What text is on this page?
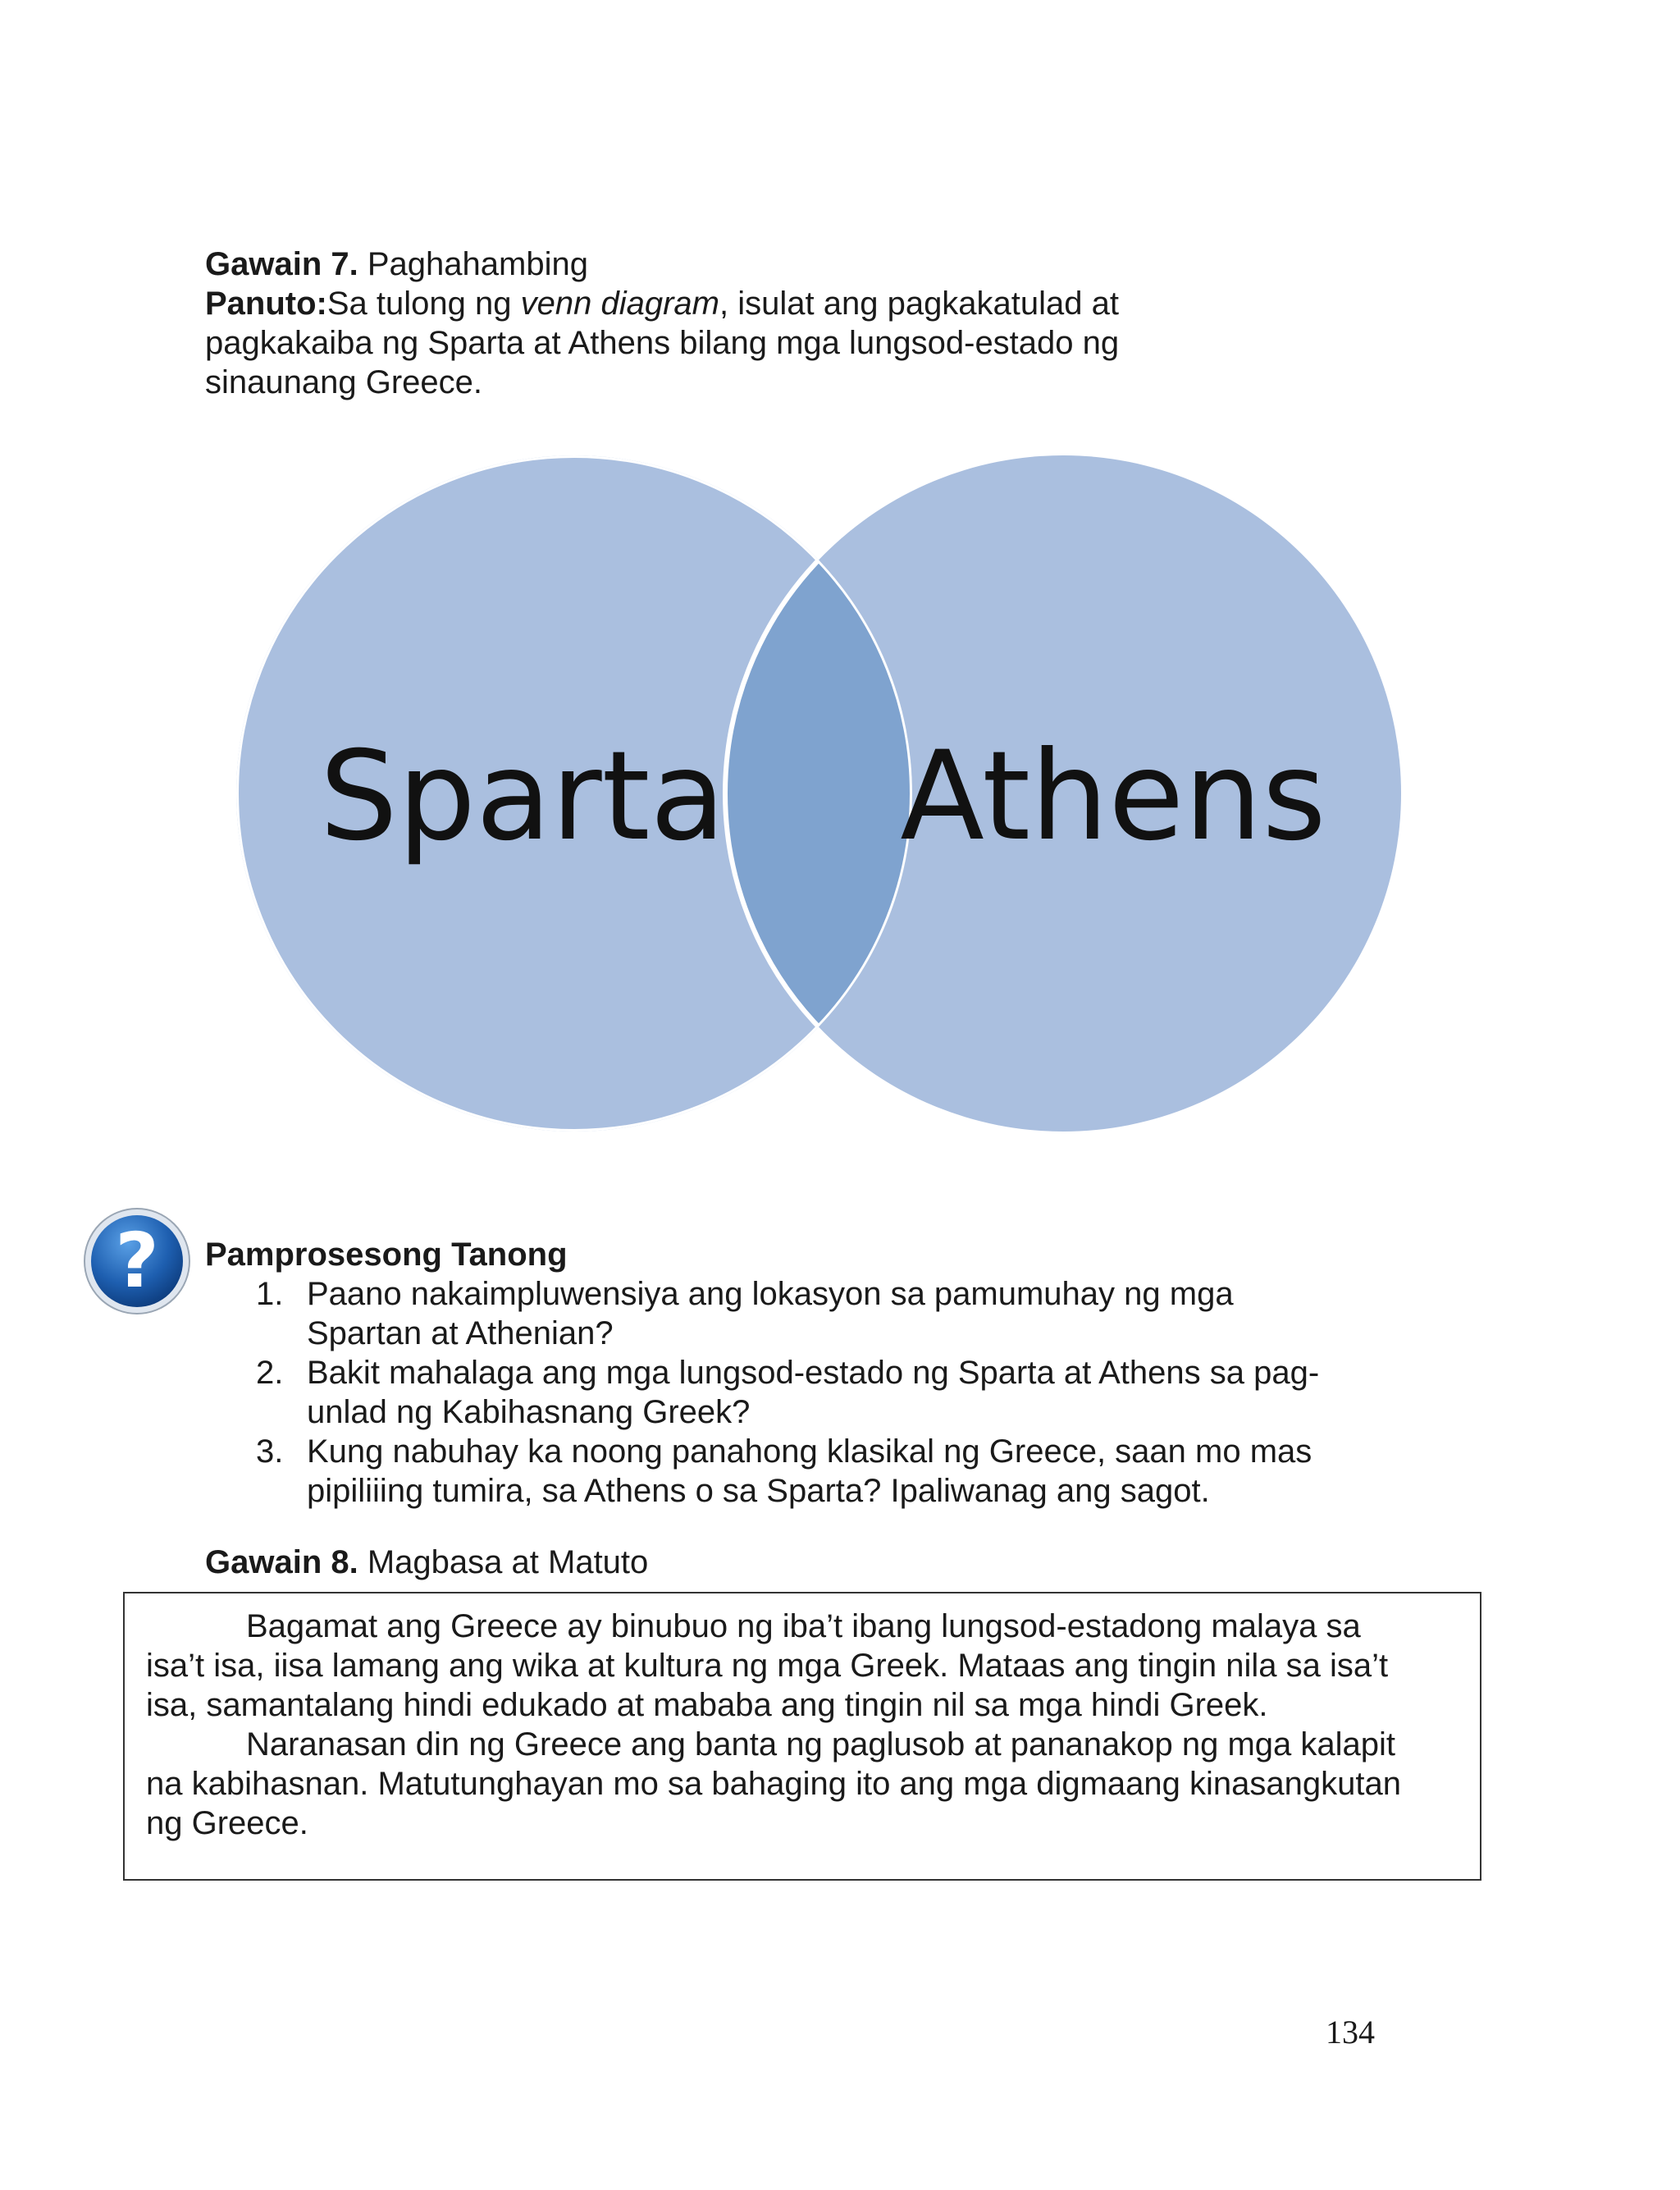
Gawain 7. Paghahambing
Panuto:Sa tulong ng venn diagram, isulat ang pagkakatulad at
pagkakaiba ng Sparta at Athens bilang mga lungsod-estado ng
sinaunang Greece.
Sparta Athens
? Pamprosesong Tanong
1. Paano nakaimpluwensiya ang lokasyon sa pamumuhay ng mga
Spartan at Athenian?
2. Bakit mahalaga ang mga lungsod-estado ng Sparta at Athens sa pag-
unlad ng Kabihasnang Greek?
3. Kung nabuhay ka noong panahong klasikal ng Greece, saan mo mas
pipiliiing tumira, sa Athens o sa Sparta? Ipaliwanag ang sagot.
Gawain 8. Magbasa at Matuto
Bagamat ang Greece ay binubuo ng iba’t ibang lungsod-estadong malaya sa
isa’t isa, iisa lamang ang wika at kultura ng mga Greek. Mataas ang tingin nila sa isa’t
isa, samantalang hindi edukado at mababa ang tingin nil sa mga hindi Greek.
Naranasan din ng Greece ang banta ng paglusob at pananakop ng mga kalapit
na kabihasnan. Matutunghayan mo sa bahaging ito ang mga digmaang kinasangkutan
ng Greece.
134
